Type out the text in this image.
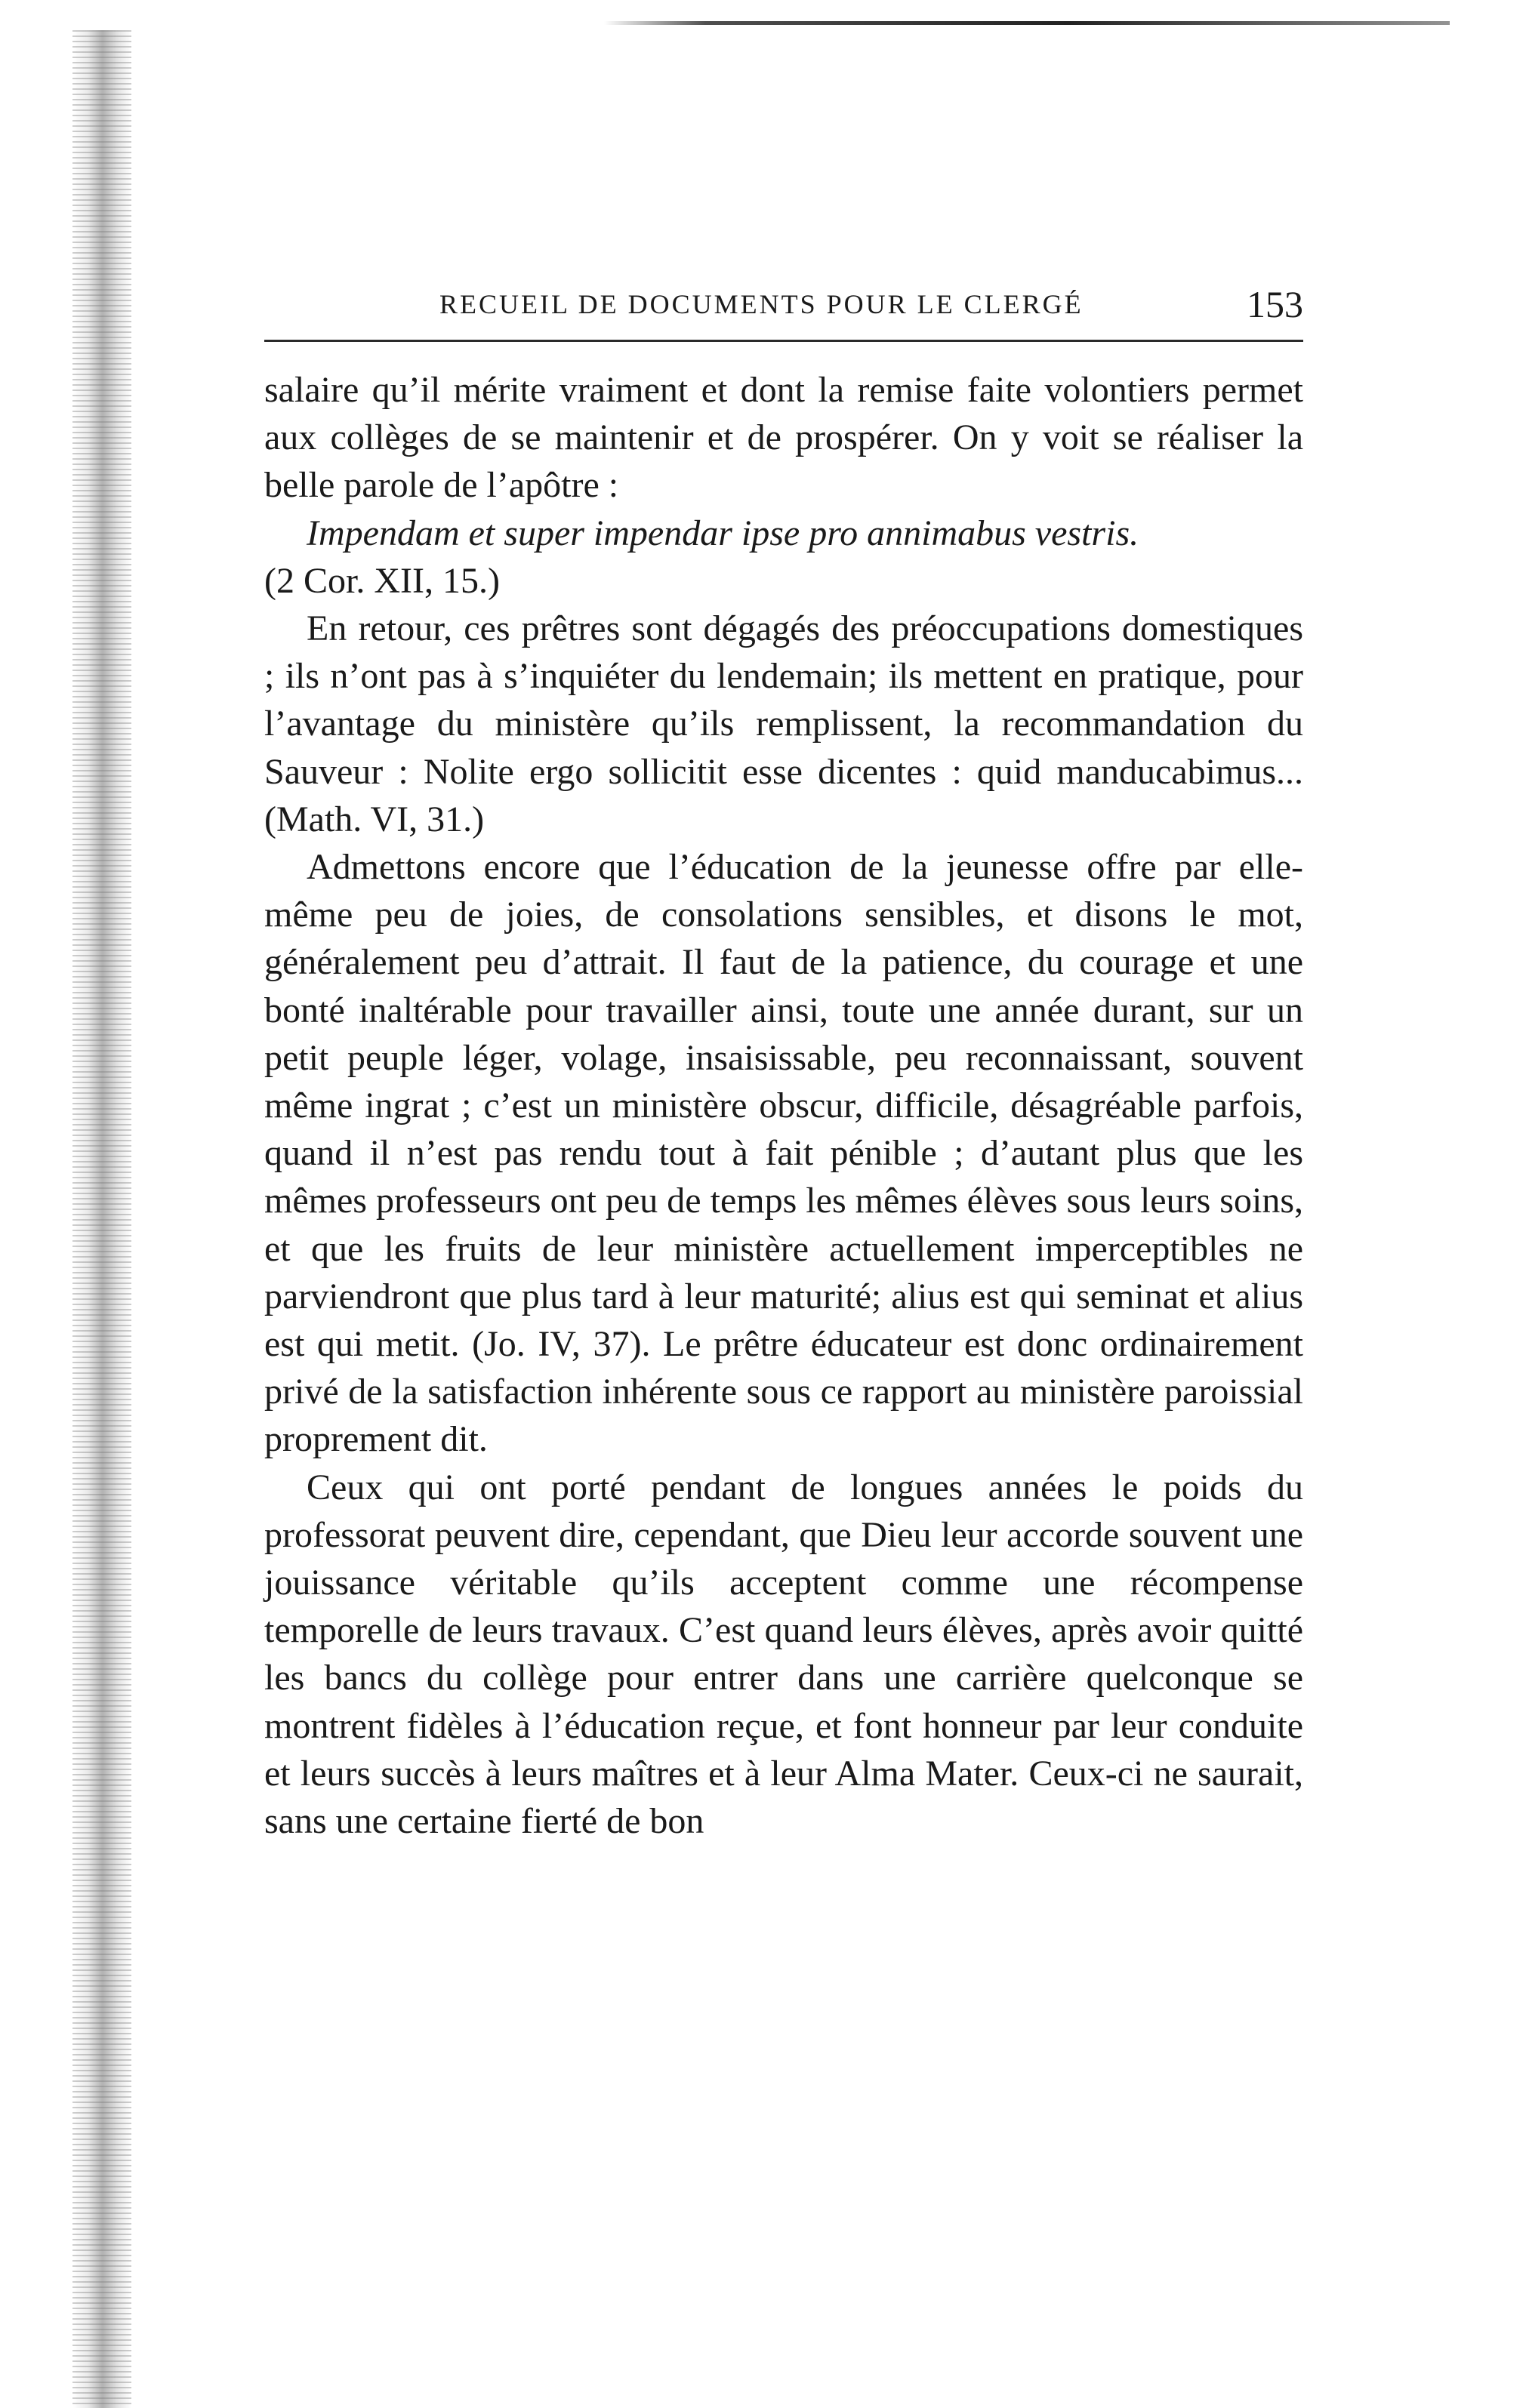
RECUEIL DE DOCUMENTS POUR LE CLERGÉ	153

salaire qu’il mérite vraiment et dont la remise faite volontiers permet aux collèges de se maintenir et de prospérer. On y voit se réaliser la belle parole de l’apôtre :

Impendam et super impendar ipse pro annimabus vestris.

(2 Cor. XII, 15.)

En retour, ces prêtres sont dégagés des préoccupations domestiques ; ils n’ont pas à s’inquiéter du lendemain; ils mettent en pratique, pour l’avantage du ministère qu’ils remplissent, la recommandation du Sauveur : Nolite ergo sollicitit esse dicentes : quid manducabimus... (Math. VI, 31.)

Admettons encore que l’éducation de la jeunesse offre par elle-même peu de joies, de consolations sensibles, et disons le mot, généralement peu d’attrait. Il faut de la patience, du courage et une bonté inaltérable pour travailler ainsi, toute une année durant, sur un petit peuple léger, volage, insaisissable, peu reconnaissant, souvent même ingrat ; c’est un ministère obscur, difficile, désagréable parfois, quand il n’est pas rendu tout à fait pénible ; d’autant plus que les mêmes professeurs ont peu de temps les mêmes élèves sous leurs soins, et que les fruits de leur ministère actuellement imperceptibles ne parviendront que plus tard à leur maturité; alius est qui seminat et alius est qui metit. (Jo. IV, 37). Le prêtre éducateur est donc ordinairement privé de la satisfaction inhérente sous ce rapport au ministère paroissial proprement dit.

Ceux qui ont porté pendant de longues années le poids du professorat peuvent dire, cependant, que Dieu leur accorde souvent une jouissance véritable qu’ils acceptent comme une récompense temporelle de leurs travaux. C’est quand leurs élèves, après avoir quitté les bancs du collège pour entrer dans une carrière quelconque se montrent fidèles à l’éducation reçue, et font honneur par leur conduite et leurs succès à leurs maîtres et à leur Alma Mater. Ceux-ci ne saurait, sans une certaine fierté de bon
